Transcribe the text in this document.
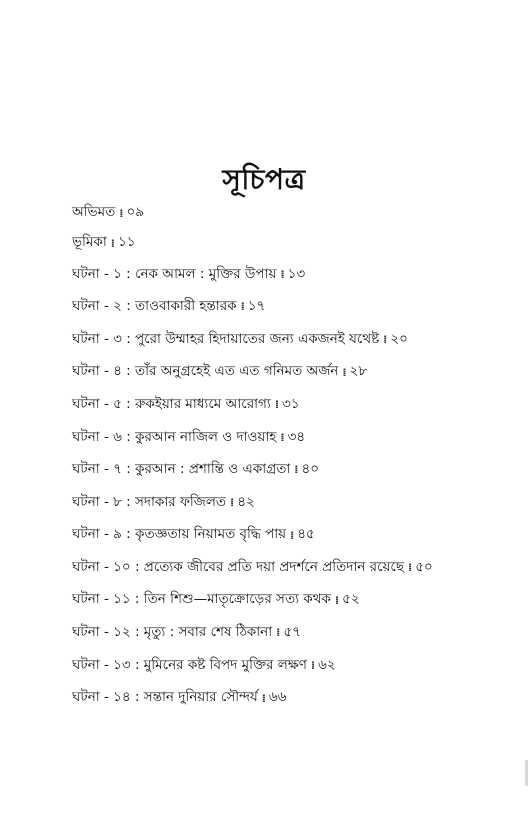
সূচিপত্র
অভিমত ⁞ ০৯
ভূমিকা ⁞ ১১
ঘটনা - ১ : নেক আমল : মুক্তির উপায় ⁞ ১৩
ঘটনা - ২ : তাওবাকারী হন্তারক ⁞ ১৭
ঘটনা - ৩ : পুরো উম্মাহর হিদায়াতের জন্য একজনই যথেষ্ট ⁞ ২০
ঘটনা - ৪ : তাঁর অনুগ্রহেই এত এত গনিমত অর্জন ⁞ ২৮
ঘটনা - ৫ : রুকইয়ার মাধ্যমে আরোগ্য ⁞ ৩১
ঘটনা - ৬ : কুরআন নাজিল ও দাওয়াহ ⁞ ৩৪
ঘটনা - ৭ : কুরআন : প্রশান্তি ও একাগ্রতা ⁞ ৪০
ঘটনা - ৮ : সদাকার ফজিলত ⁞ ৪২
ঘটনা - ৯ : কৃতজ্ঞতায় নিয়ামত বৃদ্ধি পায় ⁞ ৪৫
ঘটনা - ১০ : প্রত্যেক জীবের প্রতি দয়া প্রদর্শনে প্রতিদান রয়েছে ⁞ ৫০
ঘটনা - ১১ : তিন শিশু—মাতৃক্রোড়ের সত্য কথক ⁞ ৫২
ঘটনা - ১২ : মৃত্যু : সবার শেষ ঠিকানা ⁞ ৫৭
ঘটনা - ১৩ : মুমিনের কষ্ট বিপদ মুক্তির লক্ষণ ⁞ ৬২
ঘটনা - ১৪ : সন্তান দুনিয়ার সৌন্দর্য ⁞ ৬৬
